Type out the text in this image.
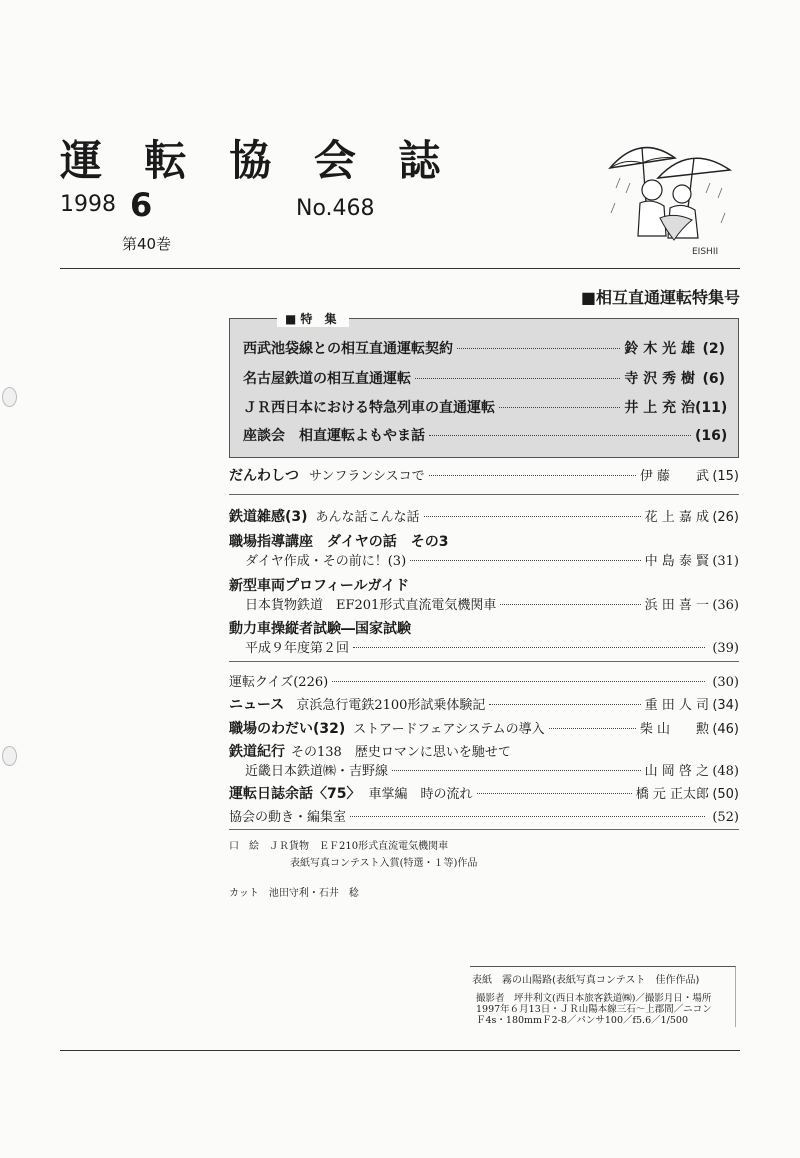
運 転 協 会 誌
1998 6
第40巻
No.468
EISHII
■相互直通運転特集号
■特 集
西武池袋線との相互直通運転契約	鈴 木 光 雄 (2)
名古屋鉄道の相互直通運転	寺 沢 秀 樹 (6)
ＪＲ西日本における特急列車の直通運転	井 上 充 治 (11)
座談会　相直運転よもやま話	(16)
だんわしつ サンフランシスコで	伊 藤　　武 (15)
鉄道雑感(3) あんな話こんな話	花 上 嘉 成 (26)
職場指導講座　ダイヤの話　その3
ダイヤ作成・その前に！(3)	中 島 泰 賢 (31)
新型車両プロフィールガイド
日本貨物鉄道　EF201形式直流電気機関車	浜 田 喜 一 (36)
動力車操縦者試験―国家試験
平成９年度第２回	(39)
運転クイズ(226)	(30)
ニュース 京浜急行電鉄2100形試乗体験記	重 田 人 司 (34)
職場のわだい(32) ストアードフェアシステムの導入	柴 山　　勲 (46)
鉄道紀行 その138　歴史ロマンに思いを馳せて
近畿日本鉄道㈱・吉野線	山 岡 啓 之 (48)
運転日誌余話〈75〉 車掌編　時の流れ	橋 元 正太郎 (50)
協会の動き・編集室	(52)
口　絵　ＪＲ貨物　ＥＦ210形式直流電気機関車
表紙写真コンテスト入賞(特選・１等)作品
カット　池田守利・石井　稔
表紙　霧の山陽路(表紙写真コンテスト　佳作作品)
撮影者　坪井利文(西日本旅客鉄道㈱)／撮影月日・場所
1997年６月13日・ＪＲ山陽本線三石～上郡間／ニコン
Ｆ4s・180mmＦ2-8／パンサ100／f5.6／1/500
